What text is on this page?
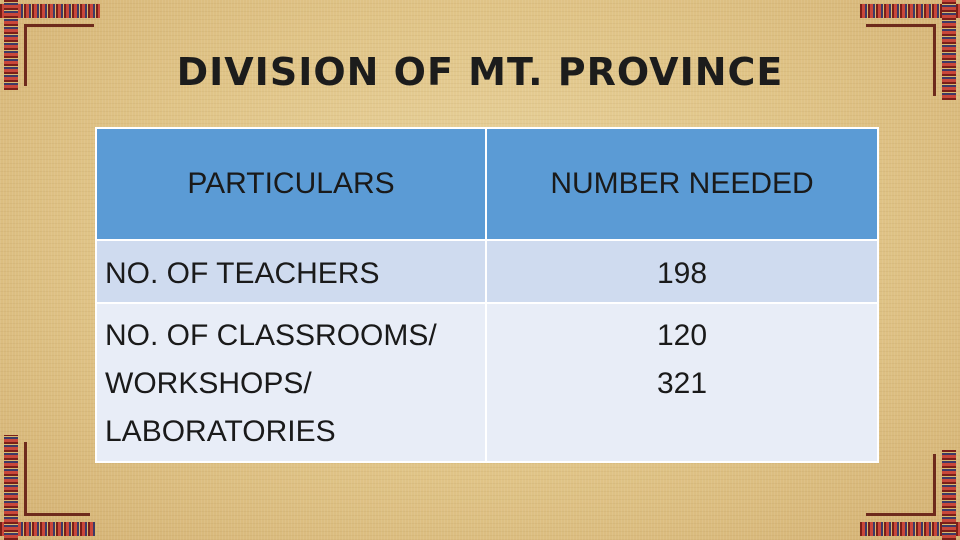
DIVISION OF MT. PROVINCE
PARTICULARS	NUMBER NEEDED
NO. OF TEACHERS	198

NO. OF CLASSROOMS/ WORKSHOPS/ LABORATORIES	120
321
